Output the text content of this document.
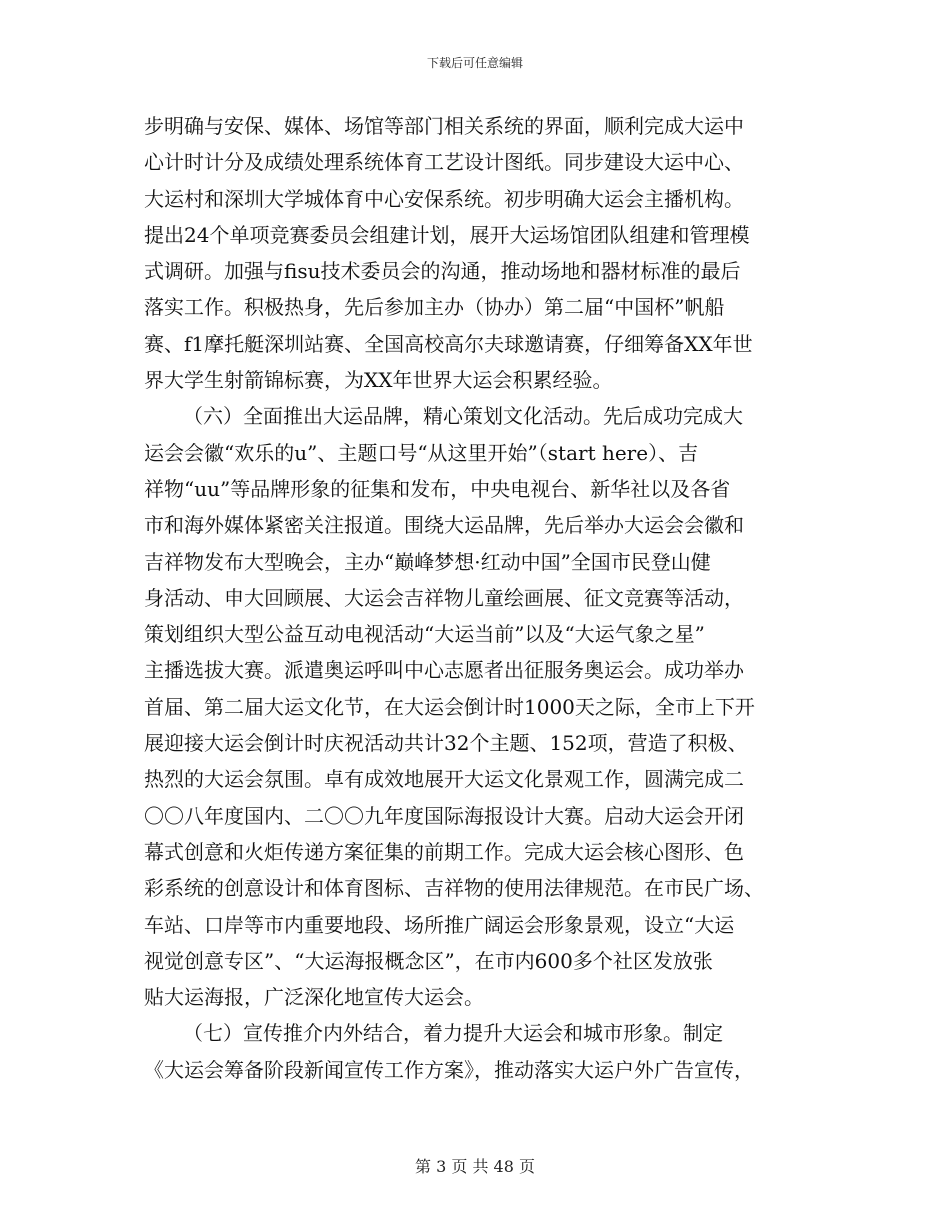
下载后可任意编辑
步明确与安保、媒体、场馆等部门相关系统的界面，顺利完成大运中
心计时计分及成绩处理系统体育工艺设计图纸。同步建设大运中心、
大运村和深圳大学城体育中心安保系统。初步明确大运会主播机构。
提出24个单项竞赛委员会组建计划，展开大运场馆团队组建和管理模
式调研。加强与fisu技术委员会的沟通，推动场地和器材标准的最后
落实工作。积极热身，先后参加主办（协办）第二届“中国杯”帆船
赛、f1摩托艇深圳站赛、全国高校高尔夫球邀请赛，仔细筹备XX年世
界大学生射箭锦标赛，为XX年世界大运会积累经验。
（六）全面推出大运品牌，精心策划文化活动。先后成功完成大
运会会徽“欢乐的u”、主题口号“从这里开始”（start here）、吉
祥物“uu”等品牌形象的征集和发布，中央电视台、新华社以及各省
市和海外媒体紧密关注报道。围绕大运品牌，先后举办大运会会徽和
吉祥物发布大型晚会，主办“巅峰梦想·红动中国”全国市民登山健
身活动、申大回顾展、大运会吉祥物儿童绘画展、征文竞赛等活动，
策划组织大型公益互动电视活动“大运当前”以及“大运气象之星”
主播选拔大赛。派遣奥运呼叫中心志愿者出征服务奥运会。成功举办
首届、第二届大运文化节，在大运会倒计时1000天之际，全市上下开
展迎接大运会倒计时庆祝活动共计32个主题、152项，营造了积极、
热烈的大运会氛围。卓有成效地展开大运文化景观工作，圆满完成二
〇〇八年度国内、二〇〇九年度国际海报设计大赛。启动大运会开闭
幕式创意和火炬传递方案征集的前期工作。完成大运会核心图形、色
彩系统的创意设计和体育图标、吉祥物的使用法律规范。在市民广场、
车站、口岸等市内重要地段、场所推广阔运会形象景观，设立“大运
视觉创意专区”、“大运海报概念区”，在市内600多个社区发放张
贴大运海报，广泛深化地宣传大运会。
（七）宣传推介内外结合，着力提升大运会和城市形象。制定
《大运会筹备阶段新闻宣传工作方案》，推动落实大运户外广告宣传，
第 3 页 共 48 页
